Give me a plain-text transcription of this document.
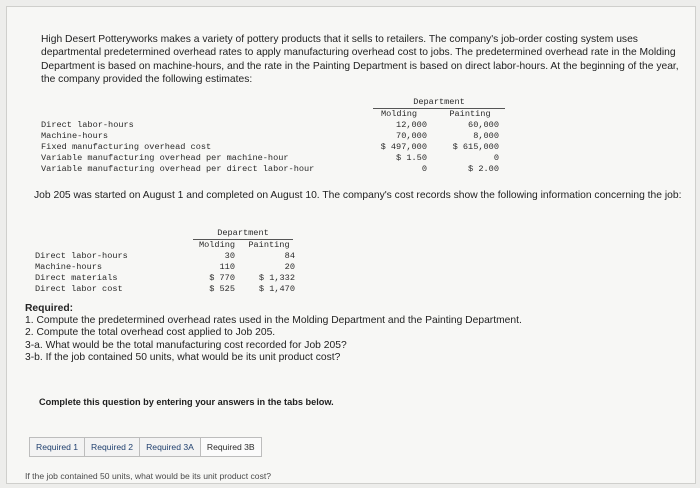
High Desert Potteryworks makes a variety of pottery products that it sells to retailers. The company's job-order costing system uses departmental predetermined overhead rates to apply manufacturing overhead cost to jobs. The predetermined overhead rate in the Molding Department is based on machine-hours, and the rate in the Painting Department is based on direct labor-hours. At the beginning of the year, the company provided the following estimates:
Department
Molding	Painting
Direct labor-hours	12,000	60,000
Machine-hours	70,000	8,000
Fixed manufacturing overhead cost	$ 497,000	$ 615,000
Variable manufacturing overhead per machine-hour	$ 1.50	0
Variable manufacturing overhead per direct labor-hour	0	$ 2.00
Job 205 was started on August 1 and completed on August 10. The company's cost records show the following information concerning the job:
Department
Molding	Painting
Direct labor-hours	30	84
Machine-hours	110	20
Direct materials	$ 770	$ 1,332
Direct labor cost	$ 525	$ 1,470
Required:
1. Compute the predetermined overhead rates used in the Molding Department and the Painting Department.
2. Compute the total overhead cost applied to Job 205.
3-a. What would be the total manufacturing cost recorded for Job 205?
3-b. If the job contained 50 units, what would be its unit product cost?
Complete this question by entering your answers in the tabs below.
Required 1	Required 2	Required 3A	Required 3B
If the job contained 50 units, what would be its unit product cost?
